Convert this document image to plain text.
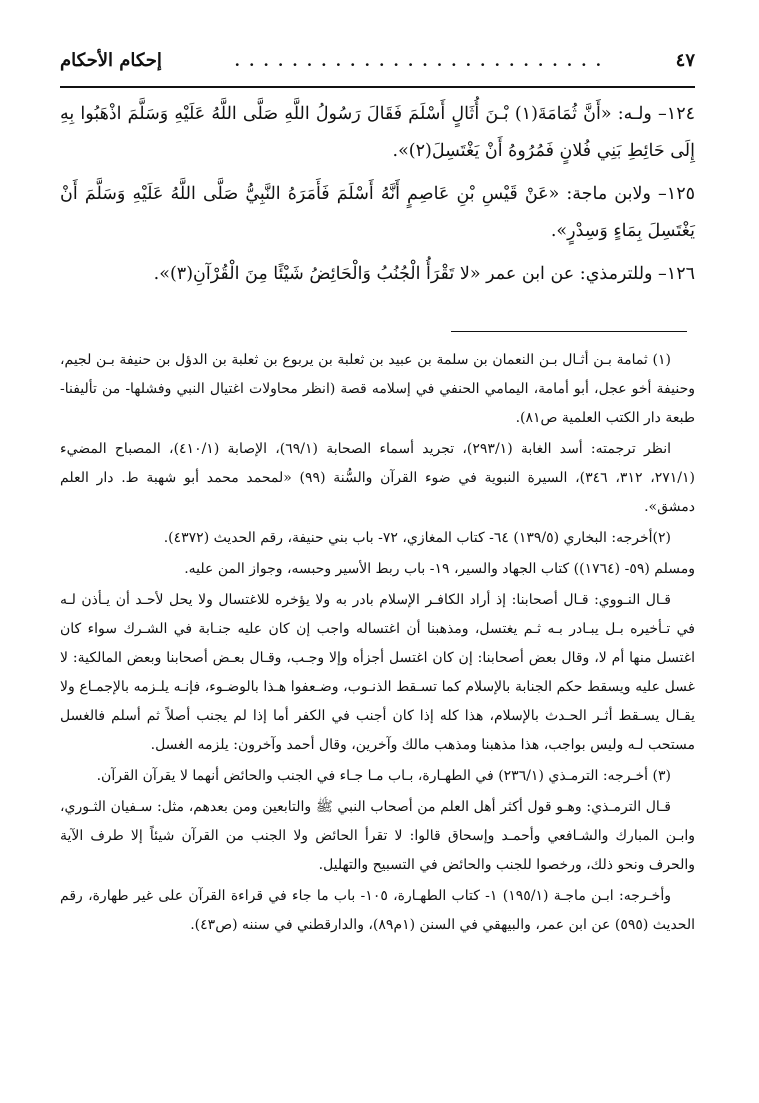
٤٧
. . . . . . . . . . . . . . . . . . . . . . . . . .
إحكام الأحكام

١٢٤– ولـه: «أَنَّ ثُمَامَةَ(١) بْـنَ أُثَالٍ أَسْلَمَ فَقَالَ رَسُولُ اللَّهِ صَلَّى اللَّهُ عَلَيْهِ وَسَلَّمَ اذْهَبُوا بِهِ إِلَى حَائِطِ بَنِي فُلانٍ فَمُرُوهُ أَنْ يَغْتَسِلَ(٢)».

١٢٥– ولابن ماجة: «عَنْ قَيْسِ بْنِ عَاصِمٍ أَنَّهُ أَسْلَمَ فَأَمَرَهُ النَّبِيُّ صَلَّى اللَّهُ عَلَيْهِ وَسَلَّمَ أَنْ يَغْتَسِلَ بِمَاءٍ وَسِدْرٍ».

١٢٦– وللترمذي: عن ابن عمر «لا تَقْرَأُ الْجُنُبُ وَالْحَائِضُ شَيْئًا مِنَ الْقُرْآنِ(٣)».

(١) ثمامة بـن أثـال بـن النعمان بن سلمة بن عبيد بن ثعلبة بن يربوع بن ثعلبة بن الدؤل بن حنيفة بـن لجيم، وحنيفة أخو عجل، أبو أمامة، اليمامي الحنفي في إسلامه قصة (انظر محاولات اغتيال النبي وفشلها- من تأليفنا- طبعة دار الكتب العلمية ص٨١).

انظر ترجمته: أسد الغابة (٢٩٣/١)، تجريد أسماء الصحابة (٦٩/١)، الإصابة (٤١٠/١)، المصباح المضيء (٢٧١/١، ٣١٢، ٣٤٦)، السيرة النبوية في ضوء القرآن والسُّنة (٩٩) «لمحمد محمد أبو شهبة ط. دار العلم دمشق».

(٢)أخرجه: البخاري (١٣٩/٥) ٦٤- كتاب المغازي، ٧٢- باب بني حنيفة، رقم الحديث (٤٣٧٢).

ومسلم (٥٩- (١٧٦٤)) كتاب الجهاد والسير، ١٩- باب ربط الأسير وحبسه، وجواز المن عليه.

قـال النـووي: قـال أصحابنا: إذ أراد الكافـر الإسلام بادر به ولا يؤخره للاغتسال ولا يحل لأحـد أن يـأذن لـه في تـأخيره بـل يبـادر بـه ثـم يغتسل، ومذهبنا أن اغتساله واجب إن كان عليه جنـابة في الشـرك سواء كان اغتسل منها أم لا، وقال بعض أصحابنا: إن كان اغتسل أجزأه وإلا وجـب، وقـال بعـض أصحابنا وبعض المالكية: لا غسل عليه ويسقط حكم الجنابة بالإسلام كما تسـقط الذنـوب، وضـعفوا هـذا بالوضـوء، فإنـه يلـزمه بالإجمـاع ولا يقـال يسـقط أثـر الحـدث بالإسلام، هذا كله إذا كان أجنب في الكفر أما إذا لم يجنب أصلاً ثم أسلم فالغسل مستحب لـه وليس بواجب، هذا مذهبنا ومذهب مالك وآخرين، وقال أحمد وآخرون: يلزمه الغسل.

(٣) أخـرجه: الترمـذي (٢٣٦/١) في الطهـارة، بـاب مـا جـاء في الجنب والحائض أنهما لا يقرآن القرآن.

قـال الترمـذي: وهـو قول أكثر أهل العلم من أصحاب النبي ﷺ والتابعين ومن بعدهم، مثل: سـفيان الثـوري، وابـن المبارك والشـافعي وأحمـد وإسحاق قالوا: لا تقرأ الحائض ولا الجنب من القرآن شيئاً إلا طرف الآية والحرف ونحو ذلك، ورخصوا للجنب والحائض في التسبيح والتهليل.

وأخـرجه: ابـن ماجـة (١٩٥/١) ١- كتاب الطهـارة، ١٠٥- باب ما جاء في قراءة القرآن على غير طهارة، رقم الحديث (٥٩٥) عن ابن عمر، والبيهقي في السنن (١م٨٩)، والدارقطني في سننه (ص٤٣).
